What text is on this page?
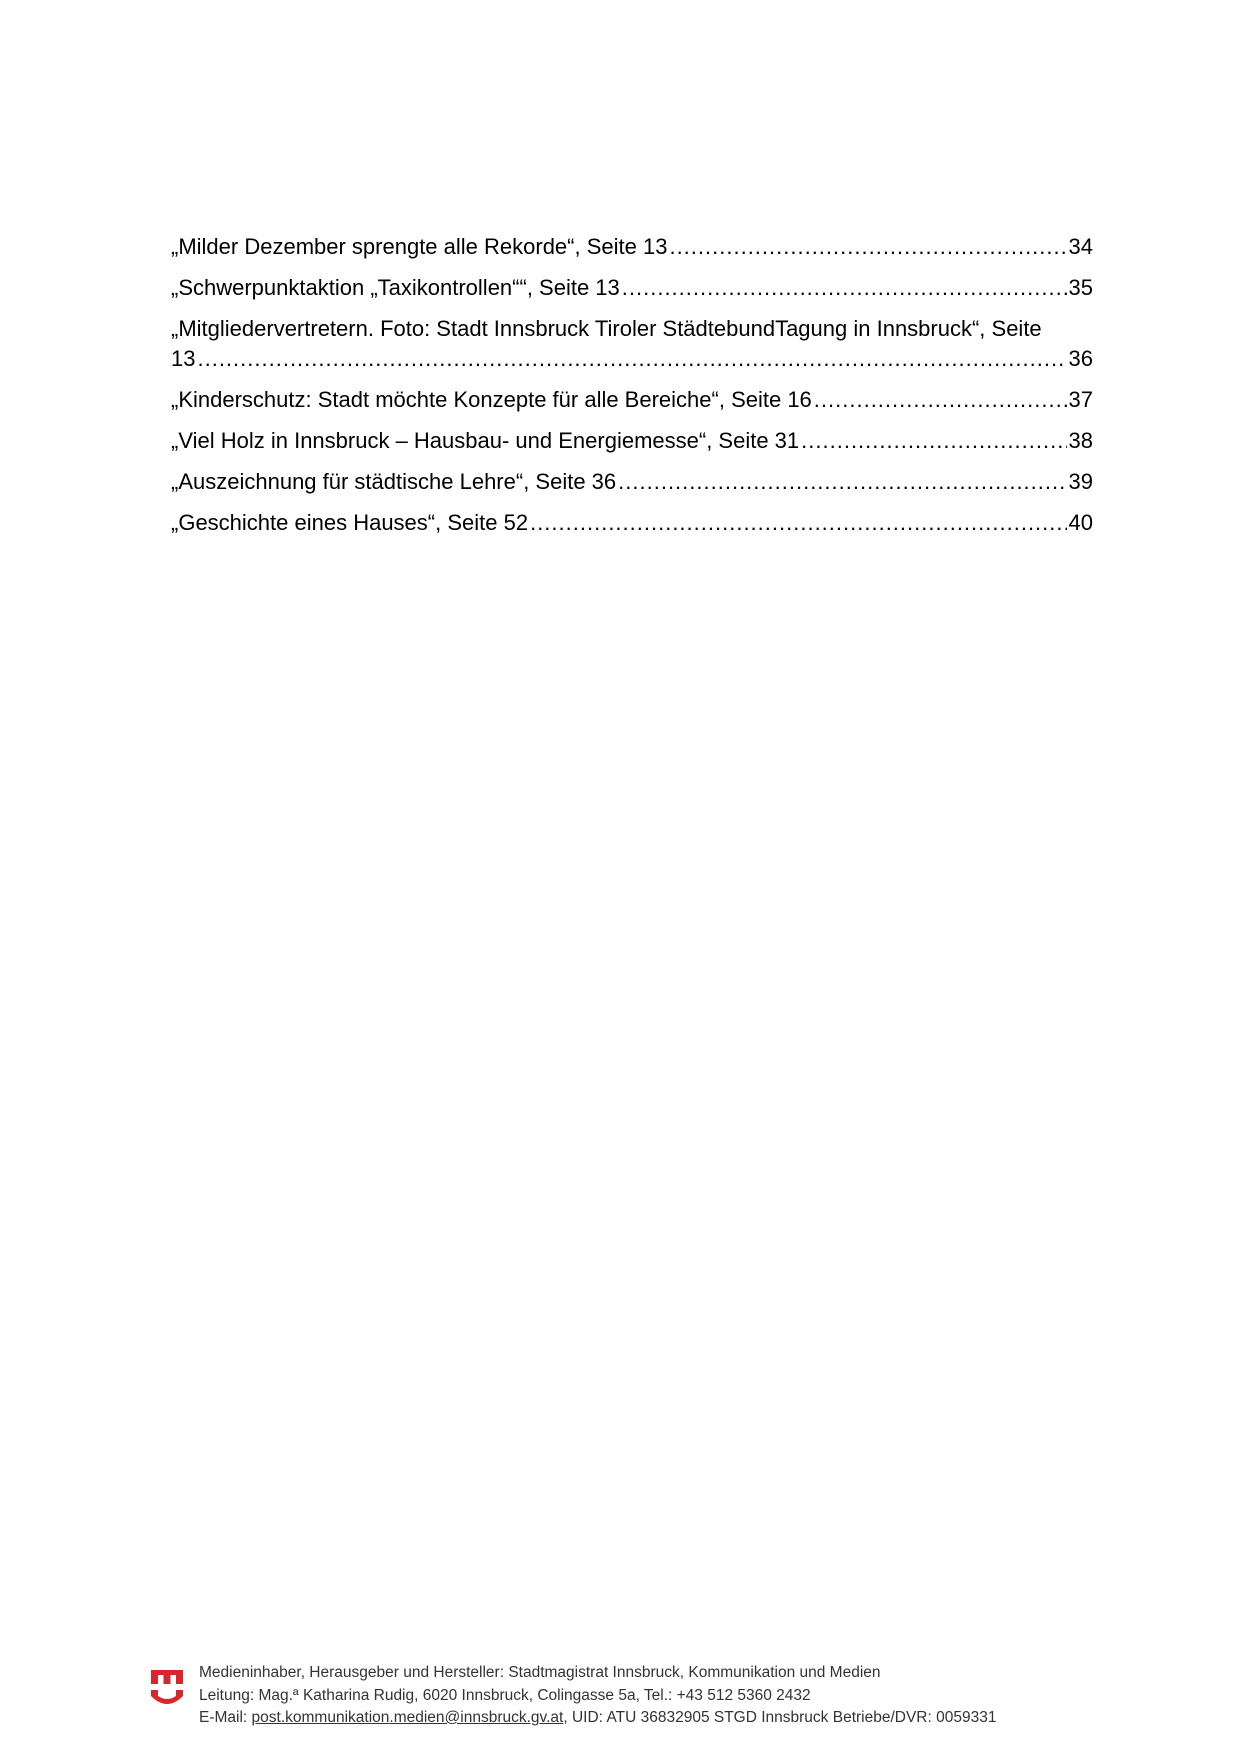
„Milder Dezember sprengte alle Rekorde“, Seite 13 .....	34
„Schwerpunktaktion „Taxikontrollen““, Seite 13 .....	35
„Mitgliedervertretern. Foto: Stadt Innsbruck Tiroler StädtebundTagung in Innsbruck“, Seite
13 .....	36
„Kinderschutz: Stadt möchte Konzepte für alle Bereiche“, Seite 16 .....	37
„Viel Holz in Innsbruck – Hausbau- und Energiemesse“, Seite 31 .....	38
„Auszeichnung für städtische Lehre“, Seite 36 .....	39
„Geschichte eines Hauses“, Seite 52 .....	40
Medieninhaber, Herausgeber und Hersteller: Stadtmagistrat Innsbruck, Kommunikation und Medien
Leitung: Mag.ª Katharina Rudig, 6020 Innsbruck, Colingasse 5a, Tel.: +43 512 5360 2432
E-Mail: post.kommunikation.medien@innsbruck.gv.at, UID: ATU 36832905 STGD Innsbruck Betriebe/DVR: 0059331
